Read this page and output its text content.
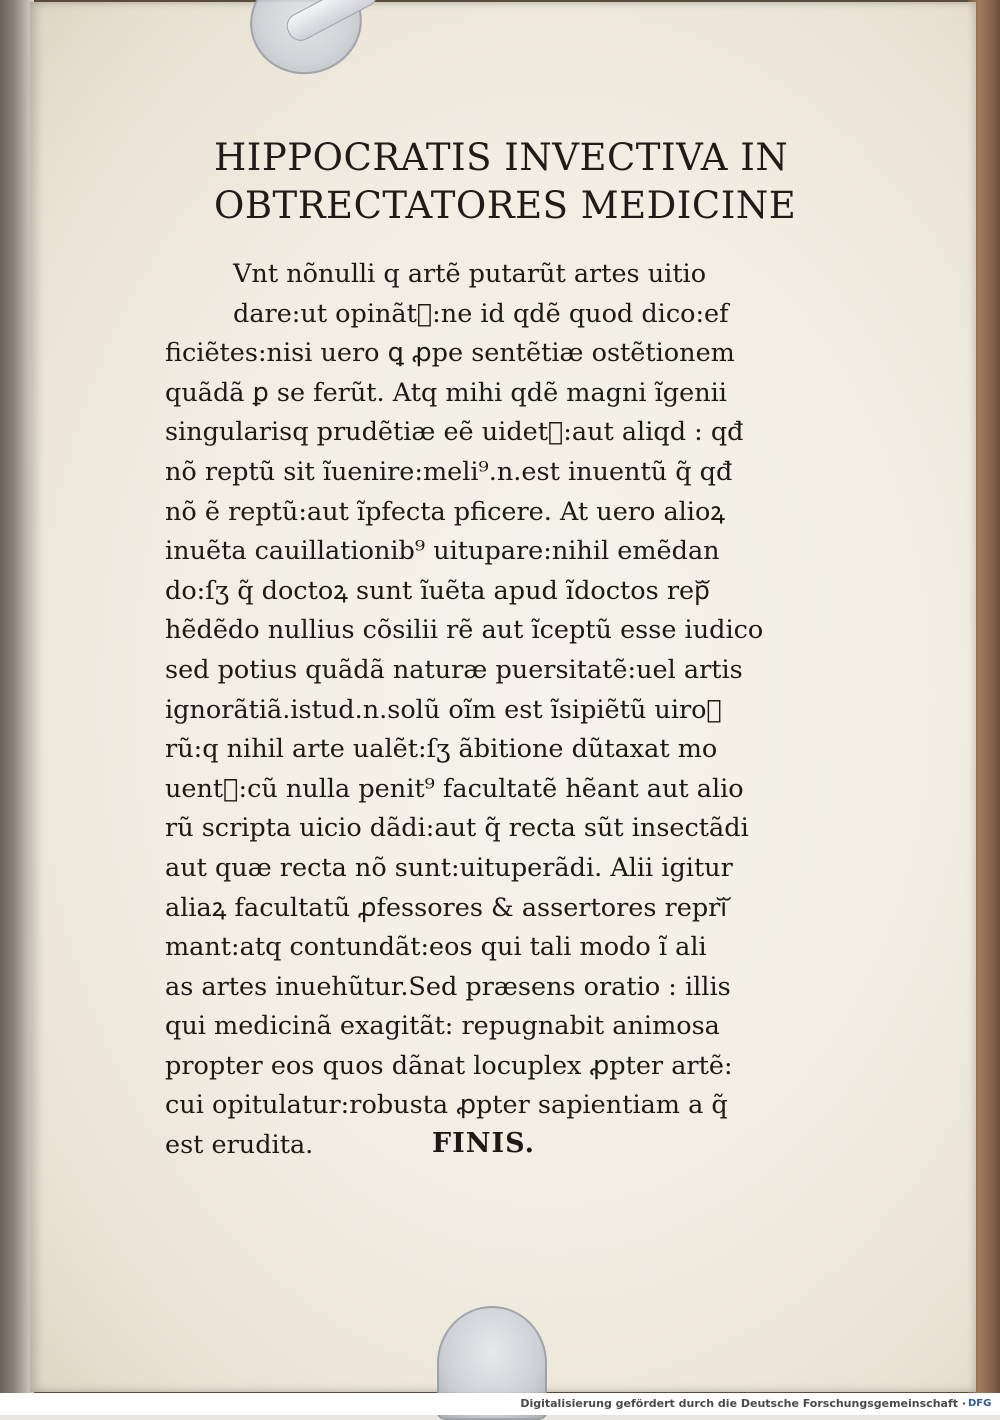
HIPPOCRATIS INVECTIVA IN
OBTRECTATORES MEDICINE
Vnt nõnulli q artẽ putarũt artes uitio
dare:ut opinãt᷑:ne id qdẽ quod dico:ef
ficiẽtes:nisi uero ꝗ ꝓpe sentẽtiæ ostẽtionem
quãdã ꝑ se ferũt. Atq mihi qdẽ magni ĩgenii
singularisq prudẽtiæ eẽ uidet᷑:aut aliqd : qđ
nõ reptũ sit ĩuenire:meli⁹.n.est inuentũ q̃ qđ
nõ ẽ reptũ:aut ĩpfecta pficere. At uero alioꝝ
inuẽta cauillationib⁹ uitupare:nihil emẽdan
do:ſʒ q̃ doctoꝝ sunt ĩuẽta apud ĩdoctos repᷓ
hẽdẽdo nullius cõsilii rẽ aut ĩceptũ esse iudico
sed potius quãdã naturæ puersitatẽ:uel artis
ignorãtiã.istud.n.solũ oĩm est ĩsipiẽtũ uiroᷓ
rũ:q nihil arte ualẽt:ſʒ ãbitione dũtaxat mo
uent᷑:cũ nulla penit⁹ facultatẽ hẽant aut alio
rũ scripta uicio dãdi:aut q̃ recta sũt insectãdi
aut quæ recta nõ sunt:uituperãdi. Alii igitur
aliaꝝ facultatũ ꝓfessores & assertores repriᷓ
mant:atq contundãt:eos qui tali modo ĩ ali
as artes inuehũtur.Sed præsens oratio : illis
qui medicinã exagitãt: repugnabit animosa
propter eos quos dãnat locuplex ꝓpter artẽ:
cui opitulatur:robusta ꝓpter sapientiam a q̃
est erudita.	FINIS.
Digitalisierung gefördert durch die Deutsche Forschungsgemeinschaft · DFG
